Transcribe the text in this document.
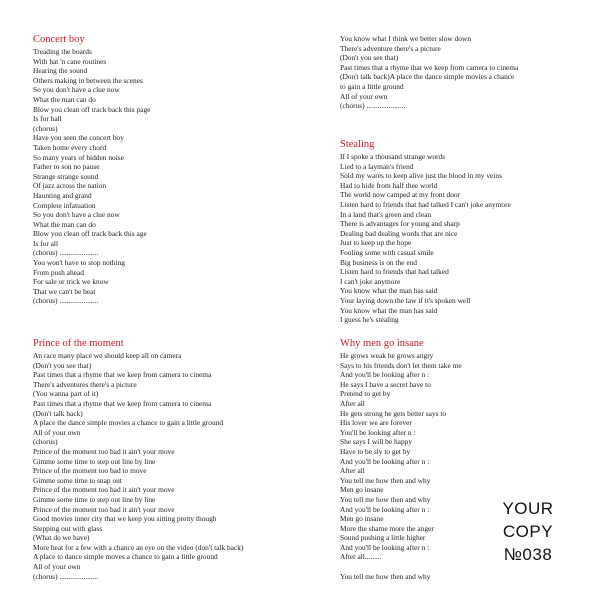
Concert boy
Treading the boards
With hat 'n cane routines
Hearing the sound
Others making in between the scenes
So you don't have a clue now
What the man can do
Blow you clean off track back this page
Is for hall
(chorus)
Have you seen the concert boy
Taken home every chord
So many years of hidden noise
Father to son no pause
Strange strange sound
Of jazz across the nation
Haunting and grand
Complete infatuation
So you don't have a clue now
What the man can do
Blow you clean off track back this age
Is for all
(chorus) .....................
You won't have to stop nothing
From push ahead
For sale or trick we know
That we can't be beat
(chorus) .....................
Prince of the moment
An race many place we should keep all on camera
(Don't you see that)
Past times that a rhyme that we keep from camera to cinema
There's adventures there's a picture
(You wanna part of it)
Past times that a rhyme that we keep from camera to cinema
(Don't talk back)
A place the dance simple movies a chance to gain a little ground
All of your own
(chorus)
Prince of the moment too bad it ain't your move
Gimme some time to step out line by line
Prince of the moment too bad to move
Gimme some time to snap out
Prince of the moment too bad it ain't your move
Gimme some time to step out line by line
Prince of the moment too bad it ain't your move
Good movies inner city that we keep you sitting pretty though
Stepping out with glass
(What do we have)
More heat for a few with a chance an eye on the video (don't talk back)
A place to dance simple moves a chance to gain a little ground
All of your own
(chorus) .....................
You know what I think we better slow down
There's adventure there's a picture
(Don't you see that)
Past times that a rhyme that we keep from camera to cinema
(Don't talk back)A place the dance simple movies a chance
to gain a little ground
All of your own
(chorus) .....................
Stealing
If I spoke a thousand strange words
Lied to a layman's friend
Sold my wares to keep alive just the blood in my veins
Had to hide from half thee world
The world now camped at my front door
Listen hard to friends that had talked I can't joke anymore
In a land that's green and clean
There is advantages for young and sharp
Dealing bad dealing words that are nice
Just to keep up the hope
Fooling some with casual smile
Big business is on the end
Listen hard to friends that had talked
I can't joke anymore
You know what the man has said
Your laying down the law if it's spoken well
You know what the man has said
I guess he's stealing
Why men go insane
He grows weak he grows angry
Says to his friends don't let them take me
And you'll be looking after n :
He says I have a secret have to
Pretend to get by
After all
He gets strong he gets better says to
His lover we are forever
You'll be looking after n :
She says I will be happy
Have to be sly to get by
And you'll be looking after n :
After all
You tell me how then and why
Men go insane
You tell me how then and why
And you'll be looking after n :
Men go insane
More the shame more the anger
Sound pushing a little higher
And you'll be looking after n :
After all.........

You tell me how then and why
YOUR
COPY
№038
